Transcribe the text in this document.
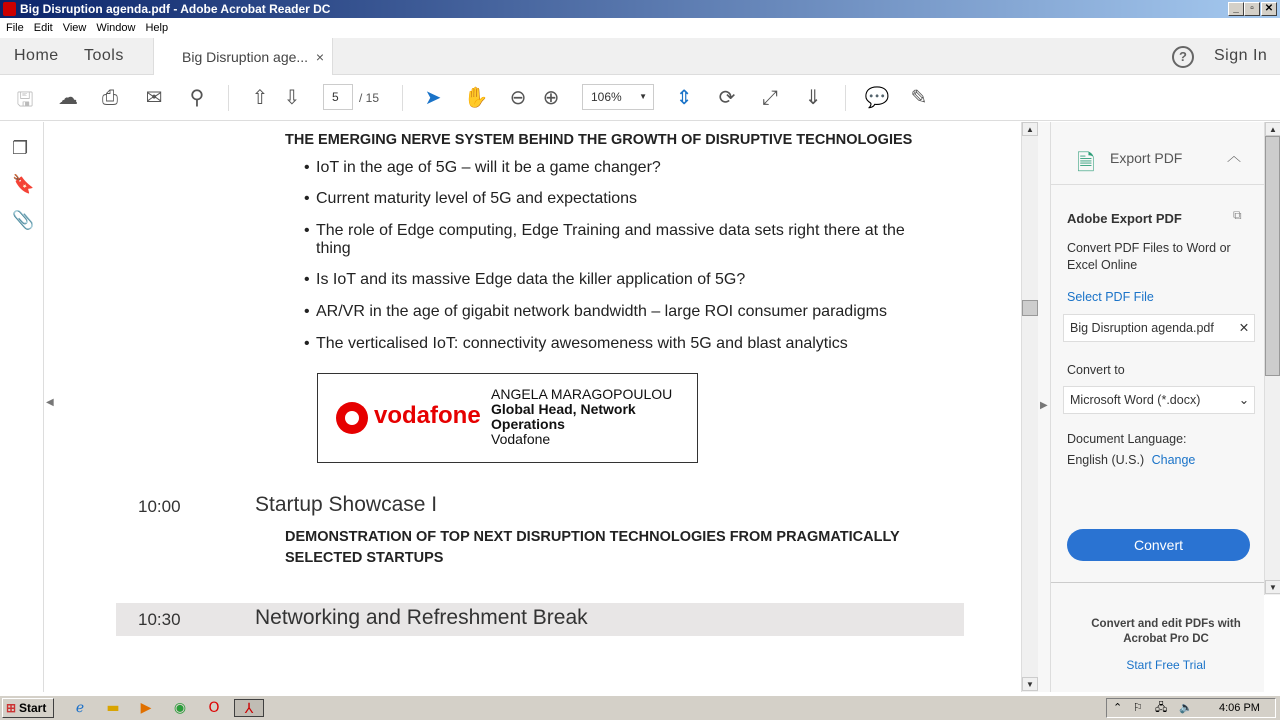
Big Disruption agenda.pdf - Adobe Acrobat Reader DC	_	▫	✕
File Edit View Window Help
Home Tools	Big Disruption age... ×	?	Sign In
🖫 ☁ ⎙ ✉ ⚲ ⇧ ⇩	5	/ 15 ➤ ✋ ⊖ ⊕	106% ▼ ⇕ ⟳ ⤢ ⇓ 💬 ✎
❐
🔖
📎
◀
THE EMERGING NERVE SYSTEM BEHIND THE GROWTH OF DISRUPTIVE TECHNOLOGIES
• IoT in the age of 5G – will it be a game changer?
• Current maturity level of 5G and expectations
• The role of Edge computing, Edge Training and massive data sets right there at the thing
• Is IoT and its massive Edge data the killer application of 5G?
• AR/VR in the age of gigabit network bandwidth – large ROI consumer paradigms
• The verticalised IoT: connectivity awesomeness with 5G and blast analytics
vodafone
ANGELA MARAGOPOULOU
Global Head, Network Operations
Vodafone
10:00	Startup Showcase I
DEMONSTRATION OF TOP NEXT DISRUPTION TECHNOLOGIES FROM PRAGMATICALLY SELECTED STARTUPS
10:30	Networking and Refreshment Break
▲
▼
▶
🗎 Export PDF	︿
Adobe Export PDF	⧉
Convert PDF Files to Word or Excel Online
Select PDF File
Big Disruption agenda.pdf	✕
Convert to
Microsoft Word (*.docx)	⌄
Document Language:
English (U.S.) Change
Convert
Convert and edit PDFs with Acrobat Pro DC
Start Free Trial
▲
▼
⊞ Start	ℯ	▬ ▶ ◉ O	⅄	⌃ ⚐ 🖧 🔈 4:06 PM
